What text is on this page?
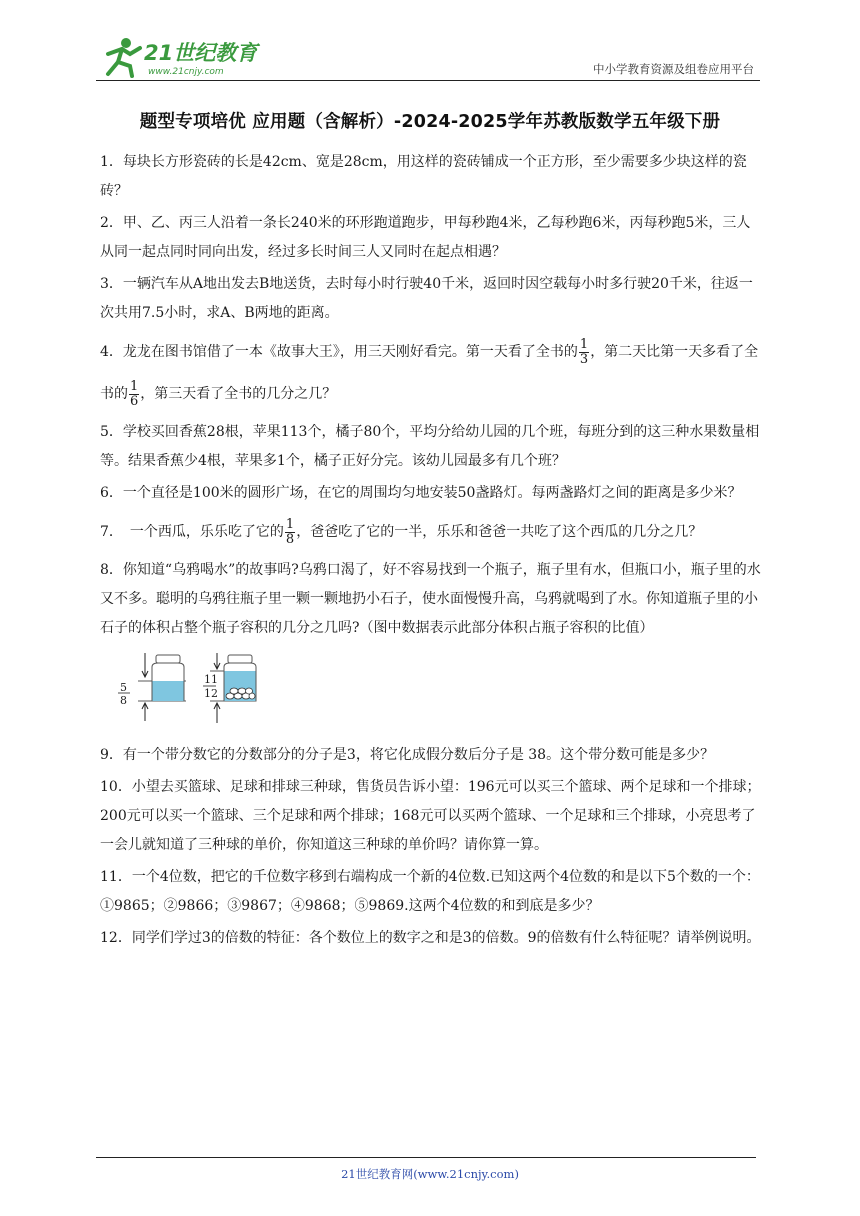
21世纪教育
www.21cnjy.com	中小学教育资源及组卷应用平台
题型专项培优 应用题（含解析）-2024-2025学年苏教版数学五年级下册

1．每块长方形瓷砖的长是42cm、宽是28cm，用这样的瓷砖铺成一个正方形，至少需要多少块这样的瓷砖？

2．甲、乙、丙三人沿着一条长240米的环形跑道跑步，甲每秒跑4米，乙每秒跑6米，丙每秒跑5米，三人从同一起点同时同向出发，经过多长时间三人又同时在起点相遇？

3．一辆汽车从A地出发去B地送货，去时每小时行驶40千米，返回时因空载每小时多行驶20千米，往返一次共用7.5小时，求A、B两地的距离。

4．龙龙在图书馆借了一本《故事大王》，用三天刚好看完。第一天看了全书的 $\frac{1}{3}$ ，第二天比第一天多看了全书的 $\frac{1}{6}$ ，第三天看了全书的几分之几？

5．学校买回香蕉28根，苹果113个，橘子80个，平均分给幼儿园的几个班，每班分到的这三种水果数量相等。结果香蕉少4根，苹果多1个，橘子正好分完。该幼儿园最多有几个班？

6．一个直径是100米的圆形广场，在它的周围均匀地安装50盏路灯。每两盏路灯之间的距离是多少米？

7．　一个西瓜，乐乐吃了它的 $\frac{1}{8}$ ，爸爸吃了它的一半，乐乐和爸爸一共吃了这个西瓜的几分之几？

8．你知道“乌鸦喝水”的故事吗?乌鸦口渴了，好不容易找到一个瓶子，瓶子里有水，但瓶口小，瓶子里的水又不多。聪明的乌鸦往瓶子里一颗一颗地扔小石子，使水面慢慢升高，乌鸦就喝到了水。你知道瓶子里的小石子的体积占整个瓶子容积的几分之几吗?（图中数据表示此部分体积占瓶子容积的比值）

5
8
11
12

9．有一个带分数它的分数部分的分子是3，将它化成假分数后分子是 38。这个带分数可能是多少？

10．小望去买篮球、足球和排球三种球，售货员告诉小望：196元可以买三个篮球、两个足球和一个排球；200元可以买一个篮球、三个足球和两个排球；168元可以买两个篮球、一个足球和三个排球，小亮思考了一会儿就知道了三种球的单价，你知道这三种球的单价吗？请你算一算。

11．一个4位数，把它的千位数字移到右端构成一个新的4位数.已知这两个4位数的和是以下5个数的一个：①9865；②9866；③9867；④9868；⑤9869.这两个4位数的和到底是多少？

12．同学们学过3的倍数的特征：各个数位上的数字之和是3的倍数。9的倍数有什么特征呢？请举例说明。

21世纪教育网(www.21cnjy.com)
